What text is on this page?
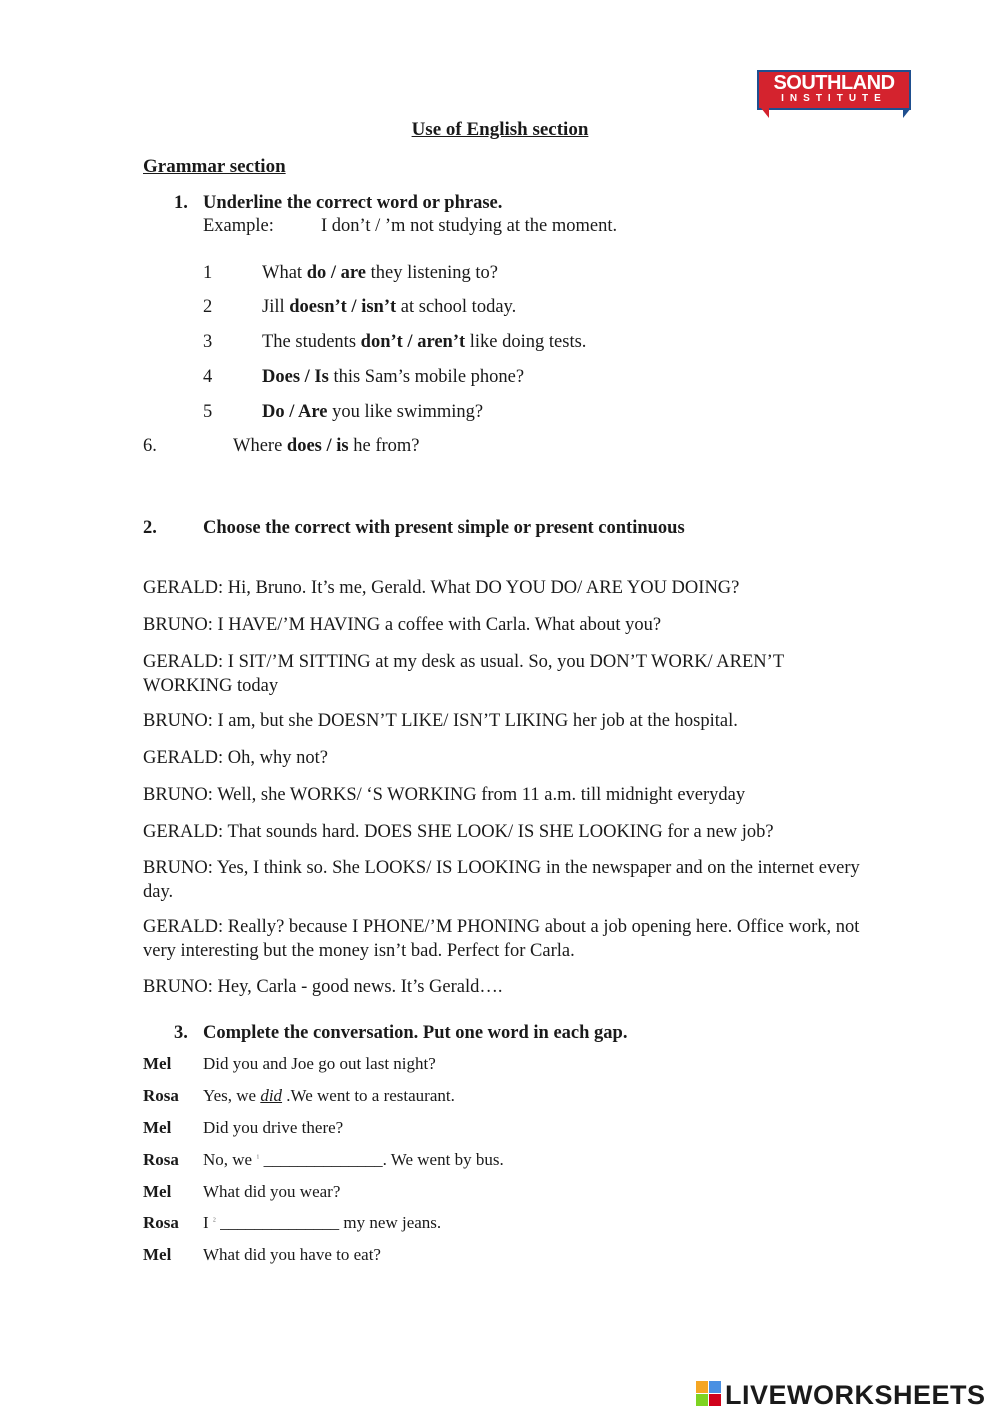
SOUTHLAND
INSTITUTE
Use of English section
Grammar section
1. Underline the correct word or phrase.
Example:	I don’t / ’m not studying at the moment.
1	What do / are they listening to?
2	Jill doesn’t / isn’t at school today.
3	The students don’t / aren’t like doing tests.
4	Does / Is this Sam’s mobile phone?
5	Do / Are you like swimming?
6.	Where does / is he from?
2. Choose the correct with present simple or present continuous
GERALD: Hi, Bruno. It’s me, Gerald. What DO YOU DO/ ARE YOU DOING?
BRUNO: I HAVE/’M HAVING a coffee with Carla. What about you?
GERALD: I SIT/’M SITTING at my desk as usual. So, you DON’T WORK/ AREN’T WORKING today
BRUNO: I am, but she DOESN’T LIKE/ ISN’T LIKING her job at the hospital.
GERALD: Oh, why not?
BRUNO: Well, she WORKS/ ‘S WORKING from 11 a.m. till midnight everyday
GERALD: That sounds hard. DOES SHE LOOK/ IS SHE LOOKING for a new job?
BRUNO: Yes, I think so. She LOOKS/ IS LOOKING in the newspaper and on the internet every day.
GERALD: Really? because I PHONE/’M PHONING about a job opening here. Office work, not very interesting but the money isn’t bad. Perfect for Carla.
BRUNO: Hey, Carla - good news. It’s Gerald….
3. Complete the conversation. Put one word in each gap.
Mel Did you and Joe go out last night?
Rosa Yes, we did .We went to a restaurant.
Mel Did you drive there?
Rosa No, we $^1$ ______________. We went by bus.
Mel What did you wear?
Rosa I $^2$ ______________ my new jeans.
Mel What did you have to eat?
LIVEWORKSHEETS
